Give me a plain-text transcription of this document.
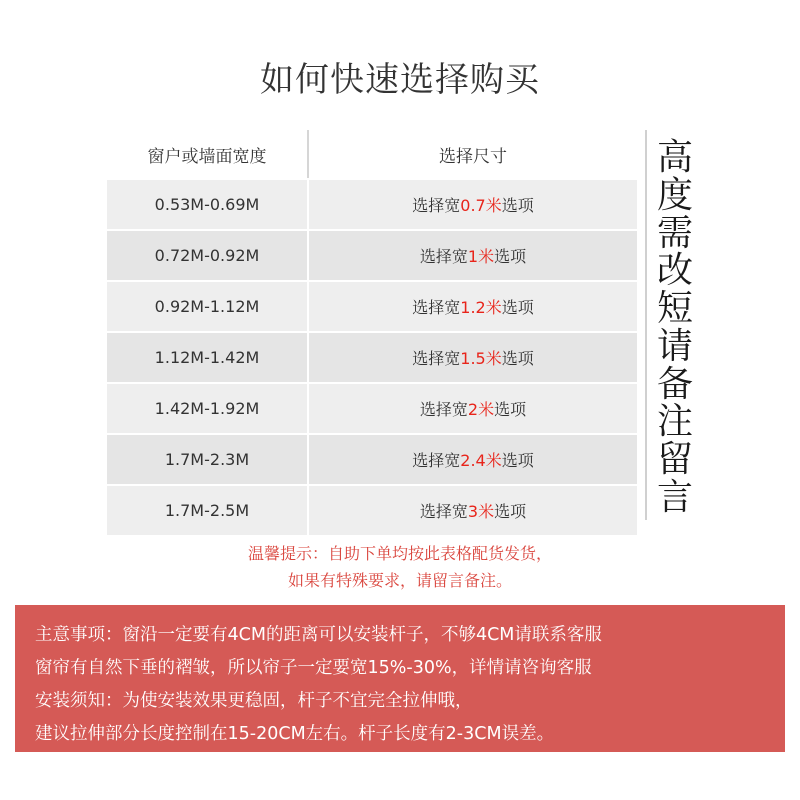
如何快速选择购买
窗户或墙面宽度	选择尺寸
0.53M-0.69M	选择宽 0.7米 选项
0.72M-0.92M	选择宽 1米 选项
0.92M-1.12M	选择宽 1.2米 选项
1.12M-1.42M	选择宽 1.5米 选项
1.42M-1.92M	选择宽 2米 选项
1.7M-2.3M	选择宽 2.4米 选项
1.7M-2.5M	选择宽 3米 选项
高
度
需
改
短
请
备
注
留
言
温馨提示：自助下单均按此表格配货发货，
如果有特殊要求，请留言备注。
主意事项：窗沿一定要有4CM的距离可以安装杆子，不够4CM请联系客服
窗帘有自然下垂的褶皱，所以帘子一定要宽15%-30%，详情请咨询客服
安装须知：为使安装效果更稳固，杆子不宜完全拉伸哦，
建议拉伸部分长度控制在15-20CM左右。杆子长度有2-3CM误差。
